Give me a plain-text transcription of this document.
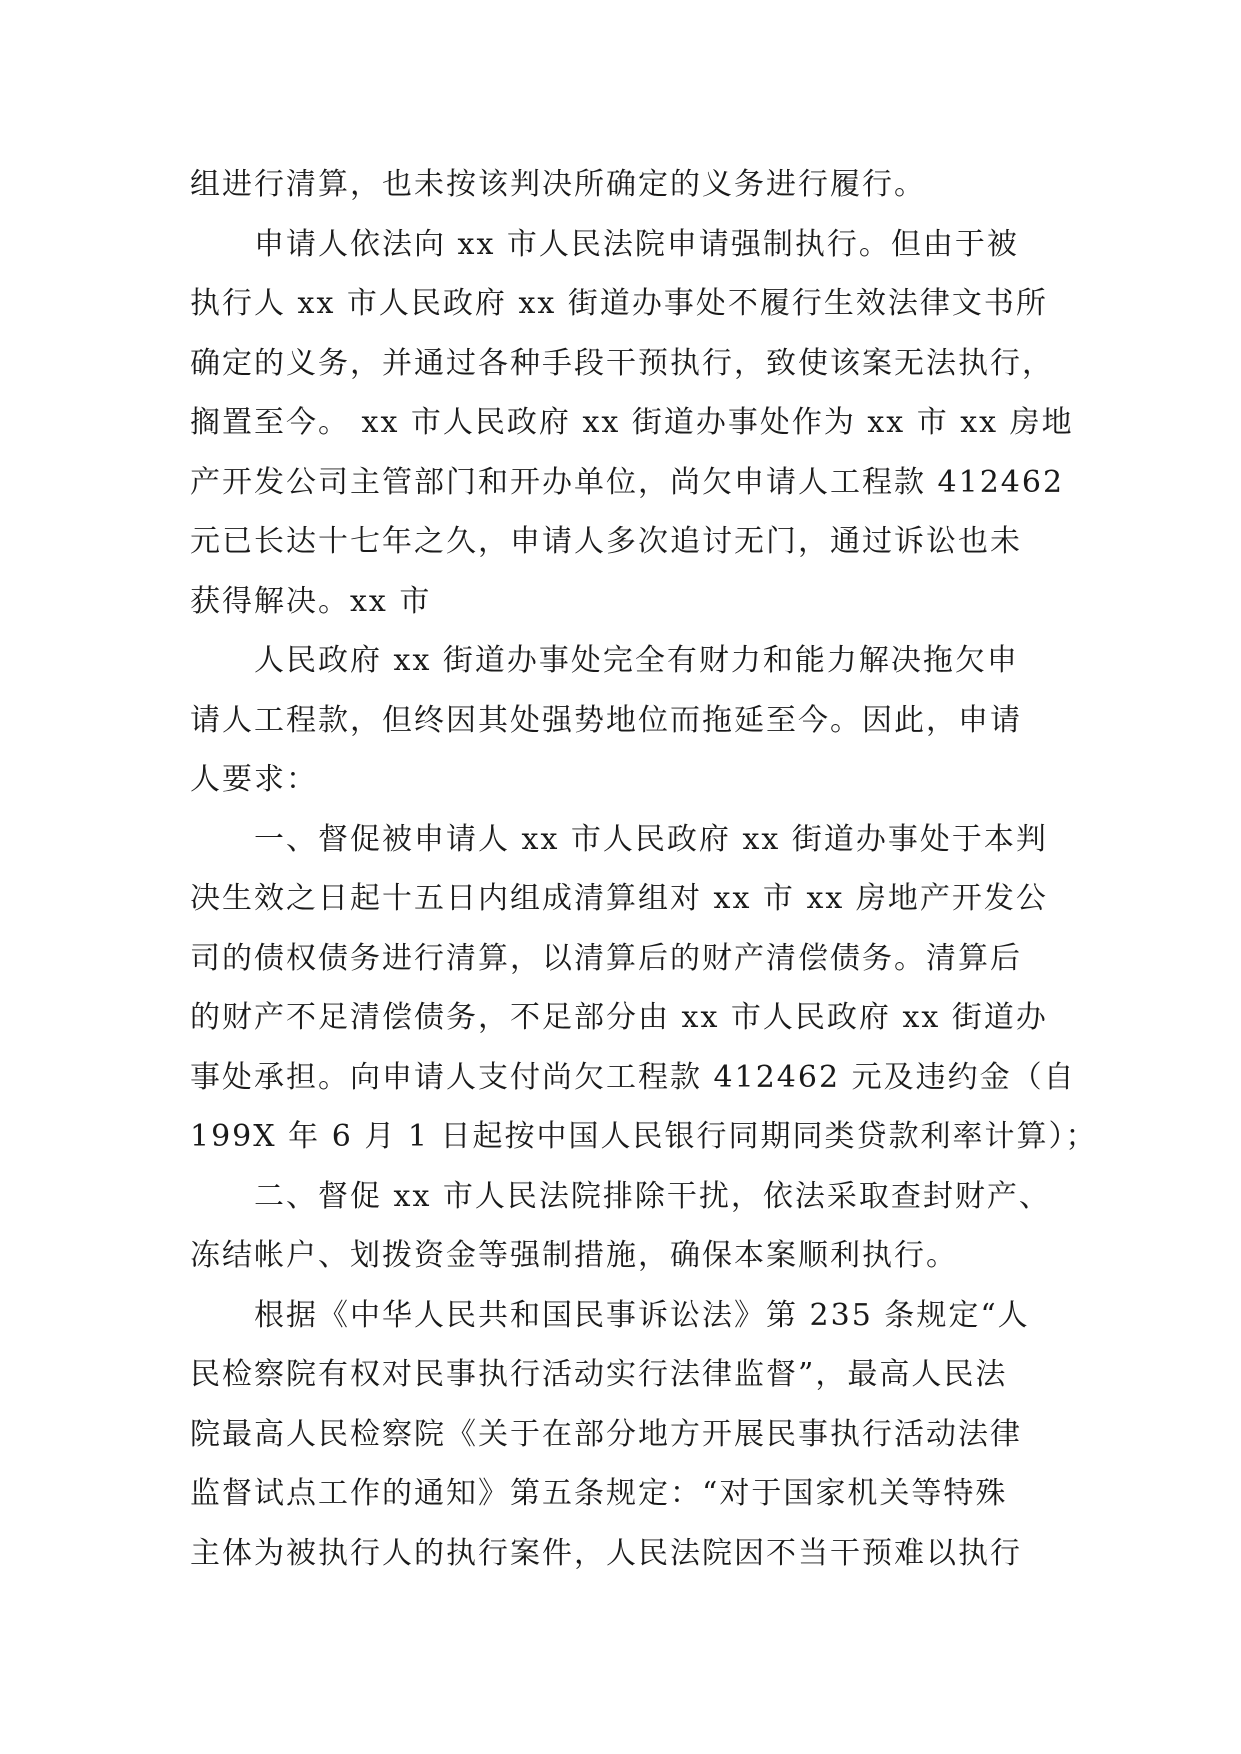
组进行清算，也未按该判决所确定的义务进行履行。
申请人依法向 xx 市人民法院申请强制执行。但由于被
执行人 xx 市人民政府 xx 街道办事处不履行生效法律文书所
确定的义务，并通过各种手段干预执行，致使该案无法执行，
搁置至今。 xx 市人民政府 xx 街道办事处作为 xx 市 xx 房地
产开发公司主管部门和开办单位，尚欠申请人工程款 412462
元已长达十七年之久，申请人多次追讨无门，通过诉讼也未
获得解决。xx 市
人民政府 xx 街道办事处完全有财力和能力解决拖欠申
请人工程款，但终因其处强势地位而拖延至今。因此，申请
人要求：
一、督促被申请人 xx 市人民政府 xx 街道办事处于本判
决生效之日起十五日内组成清算组对 xx 市 xx 房地产开发公
司的债权债务进行清算，以清算后的财产清偿债务。清算后
的财产不足清偿债务，不足部分由 xx 市人民政府 xx 街道办
事处承担。向申请人支付尚欠工程款 412462 元及违约金（自
199X 年 6 月 1 日起按中国人民银行同期同类贷款利率计算）；
二、督促 xx 市人民法院排除干扰，依法采取查封财产、
冻结帐户、划拨资金等强制措施，确保本案顺利执行。
根据《中华人民共和国民事诉讼法》第 235 条规定“人
民检察院有权对民事执行活动实行法律监督”，最高人民法
院最高人民检察院《关于在部分地方开展民事执行活动法律
监督试点工作的通知》第五条规定：“对于国家机关等特殊
主体为被执行人的执行案件，人民法院因不当干预难以执行
